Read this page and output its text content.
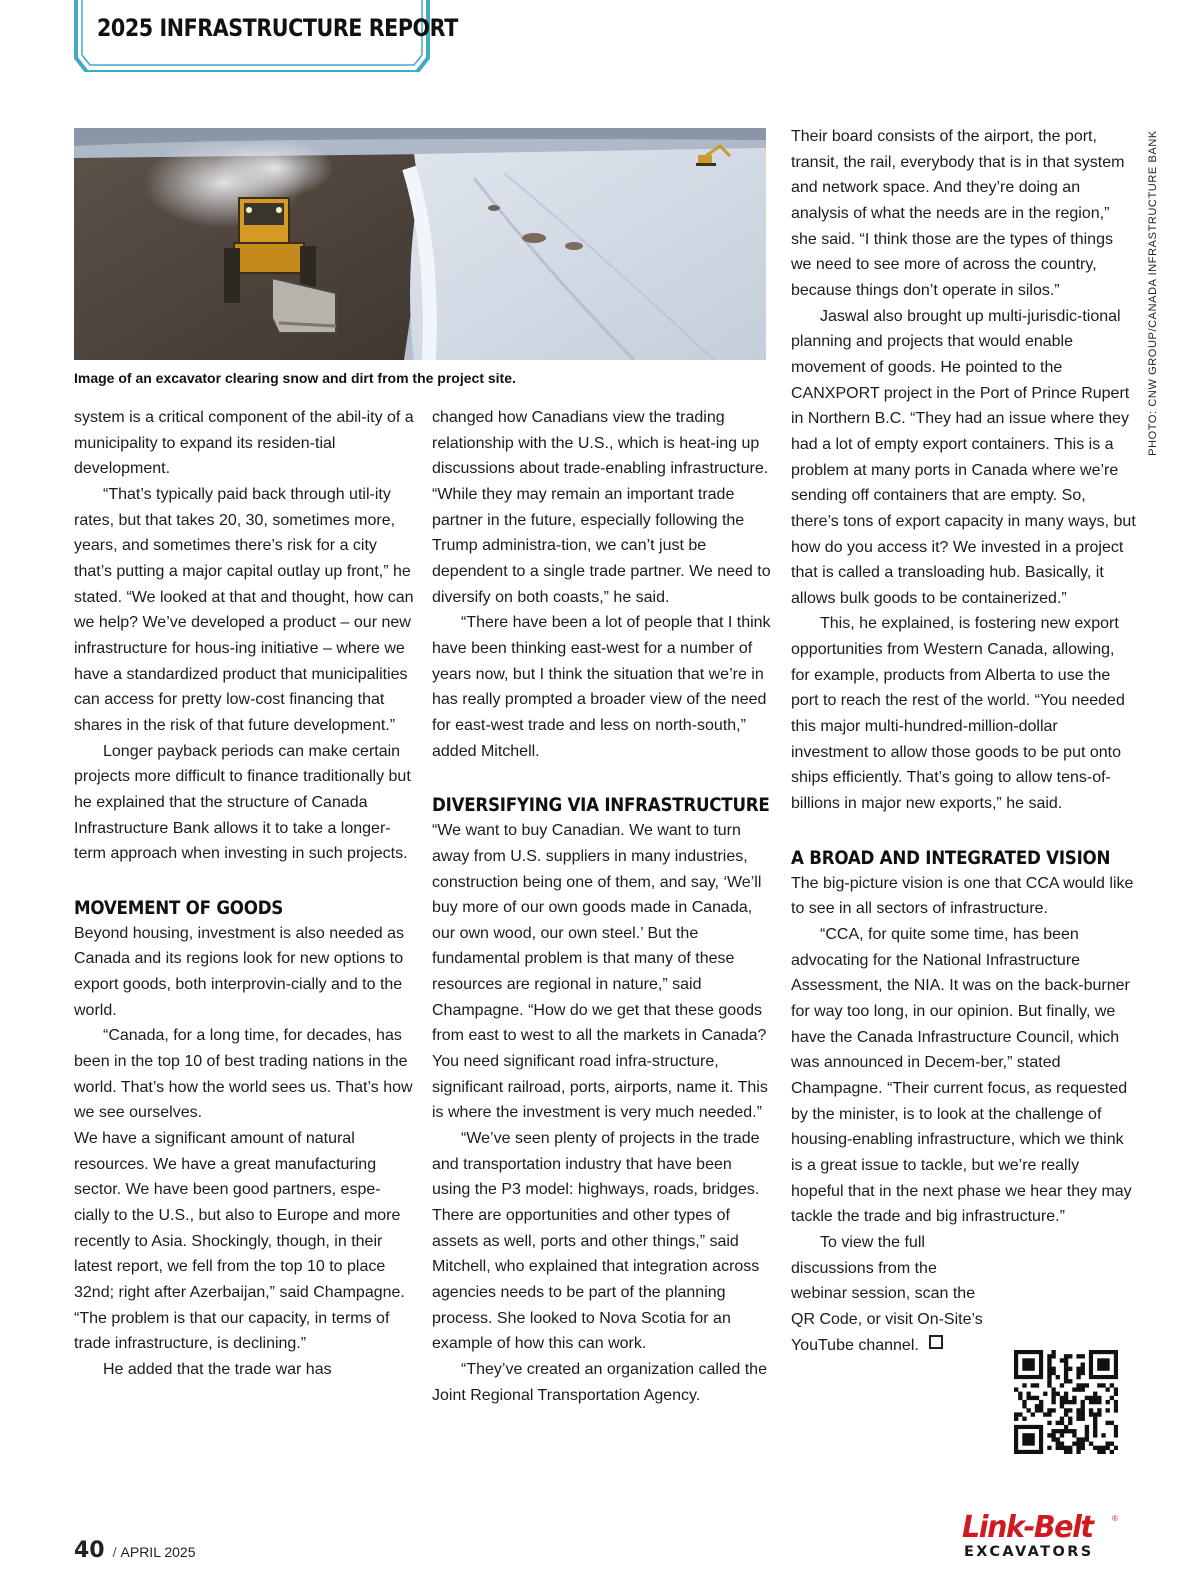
2025 INFRASTRUCTURE REPORT

Image of an excavator clearing snow and dirt from the project site.	PHOTO: CNW GROUP/CANADA INFRASTRUCTURE BANK

system is a critical component of the abil-ity of a municipality to expand its residen-tial development.

“That’s typically paid back through util-ity rates, but that takes 20, 30, sometimes more, years, and sometimes there’s risk for a city that’s putting a major capital outlay up front,” he stated. “We looked at that and thought, how can we help? We’ve developed a product – our new infrastructure for hous-ing initiative – where we have a standardized product that municipalities can access for pretty low-cost financing that shares in the risk of that future development.”

Longer payback periods can make certain projects more difficult to finance traditionally but he explained that the structure of Canada Infrastructure Bank allows it to take a longer-term approach when investing in such projects.

MOVEMENT OF GOODS

Beyond housing, investment is also needed as Canada and its regions look for new options to export goods, both interprovin-cially and to the world.

“Canada, for a long time, for decades, has been in the top 10 of best trading nations in the world. That’s how the world sees us. That’s how we see ourselves.

We have a significant amount of natural resources. We have a great manufacturing sector. We have been good partners, espe-cially to the U.S., but also to Europe and more recently to Asia. Shockingly, though, in their latest report, we fell from the top 10 to place 32nd; right after Azerbaijan,” said Champagne. “The problem is that our capacity, in terms of trade infrastructure, is declining.”

He added that the trade war has

changed how Canadians view the trading relationship with the U.S., which is heat-ing up discussions about trade-enabling infrastructure. “While they may remain an important trade partner in the future, especially following the Trump administra-tion, we can’t just be dependent to a single trade partner. We need to diversify on both coasts,” he said.

“There have been a lot of people that I think have been thinking east-west for a number of years now, but I think the situation that we’re in has really prompted a broader view of the need for east-west trade and less on north-south,” added Mitchell.

DIVERSIFYING VIA INFRASTRUCTURE

“We want to buy Canadian. We want to turn away from U.S. suppliers in many industries, construction being one of them, and say, ‘We’ll buy more of our own goods made in Canada, our own wood, our own steel.’ But the fundamental problem is that many of these resources are regional in nature,” said Champagne. “How do we get that these goods from east to west to all the markets in Canada? You need significant road infra-structure, significant railroad, ports, airports, name it. This is where the investment is very much needed.”

“We’ve seen plenty of projects in the trade and transportation industry that have been using the P3 model: highways, roads, bridges. There are opportunities and other types of assets as well, ports and other things,” said Mitchell, who explained that integration across agencies needs to be part of the planning process. She looked to Nova Scotia for an example of how this can work.

“They’ve created an organization called the Joint Regional Transportation Agency.

Their board consists of the airport, the port, transit, the rail, everybody that is in that system and network space. And they’re doing an analysis of what the needs are in the region,” she said. “I think those are the types of things we need to see more of across the country, because things don’t operate in silos.”

Jaswal also brought up multi-jurisdic-tional planning and projects that would enable movement of goods. He pointed to the CANXPORT project in the Port of Prince Rupert in Northern B.C. “They had an issue where they had a lot of empty export containers. This is a problem at many ports in Canada where we’re sending off containers that are empty. So, there’s tons of export capacity in many ways, but how do you access it? We invested in a project that is called a transloading hub. Basically, it allows bulk goods to be containerized.”

This, he explained, is fostering new export opportunities from Western Canada, allowing, for example, products from Alberta to use the port to reach the rest of the world. “You needed this major multi-hundred-million-dollar investment to allow those goods to be put onto ships efficiently. That’s going to allow tens-of-billions in major new exports,” he said.

A BROAD AND INTEGRATED VISION

The big-picture vision is one that CCA would like to see in all sectors of infrastructure.

“CCA, for quite some time, has been advocating for the National Infrastructure Assessment, the NIA. It was on the back-burner for way too long, in our opinion. But finally, we have the Canada Infrastructure Council, which was announced in Decem-ber,” stated Champagne. “Their current focus, as requested by the minister, is to look at the challenge of housing-enabling infrastructure, which we think is a great issue to tackle, but we’re really hopeful that in the next phase we hear they may tackle the trade and big infrastructure.”

To view the full discussions from the webinar session, scan the QR Code, or visit On-Site’s YouTube channel.

40 / APRIL 2025
Link-Belt ®
EXCAVATORS
